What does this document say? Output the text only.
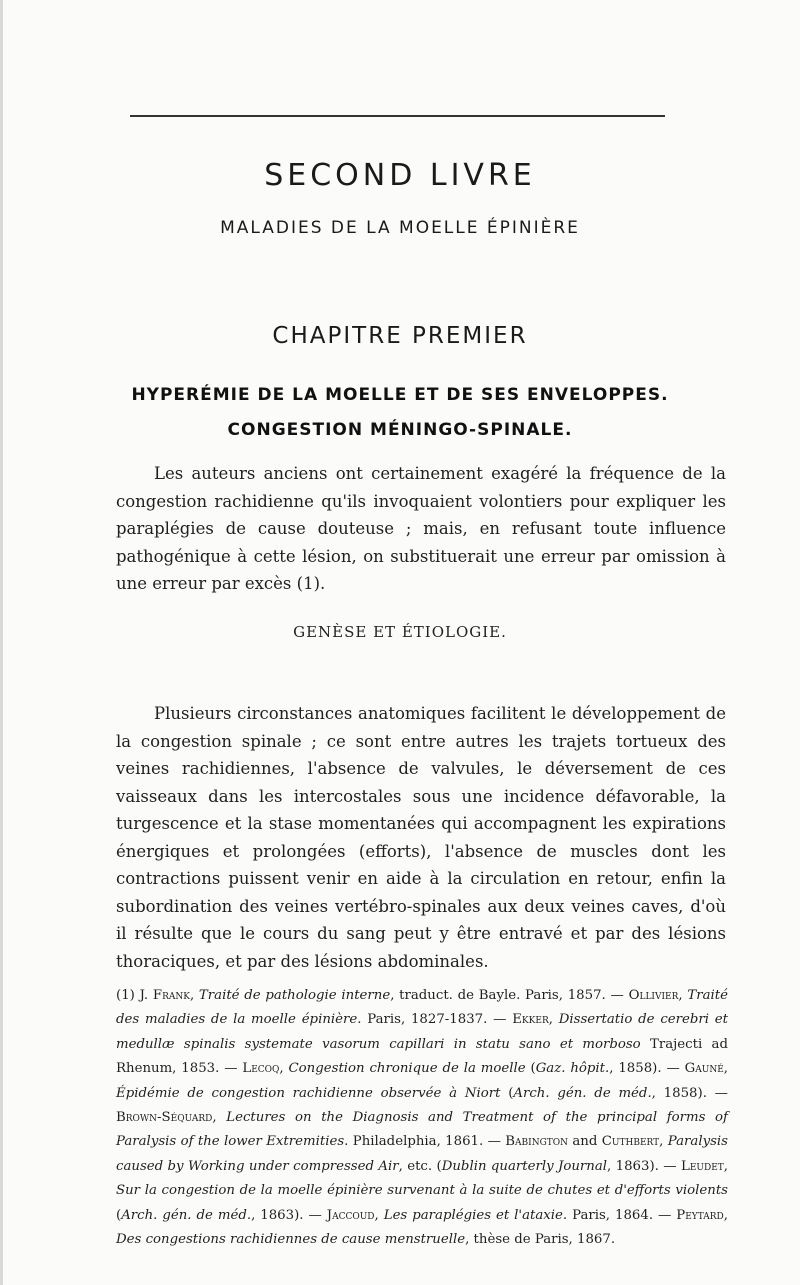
SECOND LIVRE
MALADIES DE LA MOELLE ÉPINIÈRE
CHAPITRE PREMIER
HYPERÉMIE DE LA MOELLE ET DE SES ENVELOPPES.
CONGESTION MÉNINGO-SPINALE.
Les auteurs anciens ont certainement exagéré la fréquence de la congestion rachidienne qu'ils invoquaient volontiers pour expliquer les paraplégies de cause douteuse ; mais, en refusant toute influence pathogénique à cette lésion, on substituerait une erreur par omission à une erreur par excès (1).
GENÈSE ET ÉTIOLOGIE.
Plusieurs circonstances anatomiques facilitent le développement de la congestion spinale ; ce sont entre autres les trajets tortueux des veines rachidiennes, l'absence de valvules, le déversement de ces vaisseaux dans les intercostales sous une incidence défavorable, la turgescence et la stase momentanées qui accompagnent les expirations énergiques et prolongées (efforts), l'absence de muscles dont les contractions puissent venir en aide à la circulation en retour, enfin la subordination des veines vertébro-spinales aux deux veines caves, d'où il résulte que le cours du sang peut y être entravé et par des lésions thoraciques, et par des lésions abdominales.
(1) J. Frank, Traité de pathologie interne, traduct. de Bayle. Paris, 1857. — Ollivier, Traité des maladies de la moelle épinière. Paris, 1827-1837. — Ekker, Dissertatio de cerebri et medullæ spinalis systemate vasorum capillari in statu sano et morboso Trajecti ad Rhenum, 1853. — Lecoq, Congestion chronique de la moelle (Gaz. hôpit., 1858). — Gauné, Épidémie de congestion rachidienne observée à Niort (Arch. gén. de méd., 1858). — Brown-Séquard, Lectures on the Diagnosis and Treatment of the principal forms of Paralysis of the lower Extremities. Philadelphia, 1861. — Babington and Cuthbert, Paralysis caused by Working under compressed Air, etc. (Dublin quarterly Journal, 1863). — Leudet, Sur la congestion de la moelle épinière survenant à la suite de chutes et d'efforts violents (Arch. gén. de méd., 1863). — Jaccoud, Les paraplégies et l'ataxie. Paris, 1864. — Peytard, Des congestions rachidiennes de cause menstruelle, thèse de Paris, 1867.
